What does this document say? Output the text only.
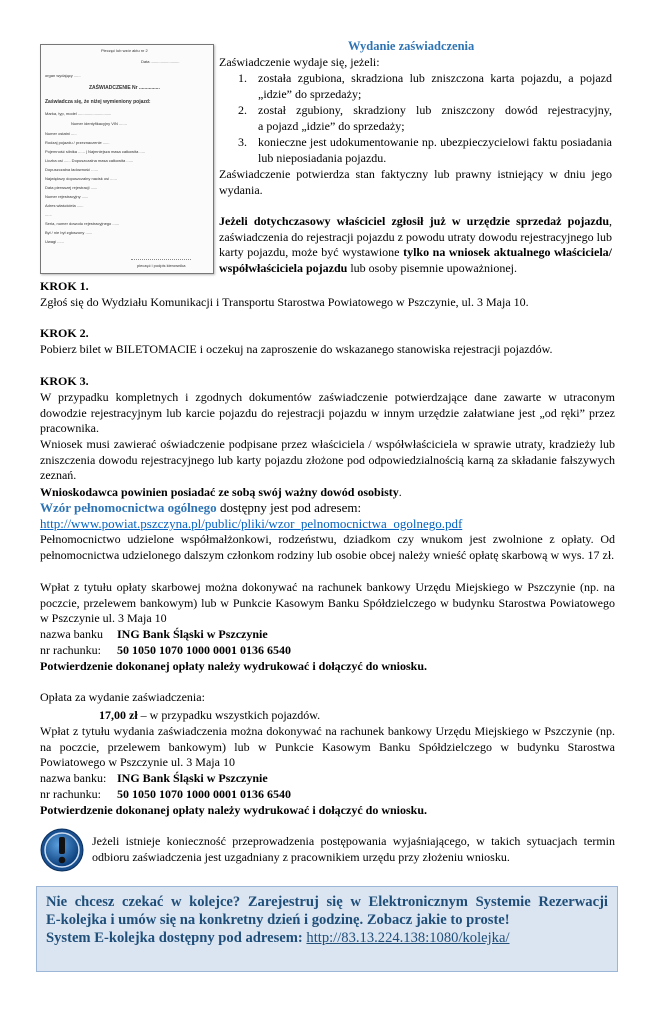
Pieczęć lub wzór aktu nr 2
Data ..........................
organ wydający ......
ZAŚWIADCZENIE Nr ...............
Zaświadcza się, że niżej wymieniony pojazd:
Marka, typ, model ..............................
Numer identyfikacyjny VIN .......
Numer ostatni .....
Rodzaj pojazdu / przeznaczenie ......
Pojemność silnika ...... | Najmniejsza masa całkowita .....
Liczba osi ...... Dopuszczalna masa całkowita ......
Dopuszczalna ładowność ......
Największy dopuszczalny nacisk osi ......
Data pierwszej rejestracji ......
Numer rejestracyjny ......
Adres właściciela ......
......
Seria, numer dowodu rejestracyjnego ......
Był / nie był zgłoszony ......
Uwagi ......
pieczęć i podpis kierownika
Wydanie zaświadczenia
Zaświadczenie wydaje się, jeżeli:
1. została zgubiona, skradziona lub zniszczona karta pojazdu, a pojazd
„idzie” do sprzedaży;
2. został zgubiony, skradziony lub zniszczony dowód rejestracyjny,
a pojazd „idzie” do sprzedaży;
3. konieczne jest udokumentowanie np. ubezpieczycielowi faktu posiadania
lub nieposiadania pojazdu.
Zaświadczenie potwierdza stan faktyczny lub prawny istniejący w dniu jego wydania.
Jeżeli dotychczasowy właściciel zgłosił już w urzędzie sprzedaż pojazdu, zaświadczenia do rejestracji pojazdu z powodu utraty dowodu rejestracyjnego lub karty pojazdu, może być wystawione tylko na wniosek aktualnego właściciela/ współwłaściciela pojazdu lub osoby pisemnie upoważnionej.
KROK 1.
Zgłoś się do Wydziału Komunikacji i Transportu Starostwa Powiatowego w Pszczynie, ul. 3 Maja 10.
KROK 2.
Pobierz bilet w BILETOMACIE i oczekuj na zaproszenie do wskazanego stanowiska rejestracji pojazdów.
KROK 3.
W przypadku kompletnych i zgodnych dokumentów zaświadczenie potwierdzające dane zawarte w utraconym dowodzie rejestracyjnym lub karcie pojazdu do rejestracji pojazdu w innym urzędzie załatwiane jest „od ręki” przez pracownika.
Wniosek musi zawierać oświadczenie podpisane przez właściciela / współwłaściciela w sprawie utraty, kradzieży lub zniszczenia dowodu rejestracyjnego lub karty pojazdu złożone pod odpowiedzialnością karną za składanie fałszywych zeznań.
Wnioskodawca powinien posiadać ze sobą swój ważny dowód osobisty.
Wzór pełnomocnictwa ogólnego dostępny jest pod adresem:
http://www.powiat.pszczyna.pl/public/pliki/wzor_pelnomocnictwa_ogolnego.pdf
Pełnomocnictwo udzielone współmałżonkowi, rodzeństwu, dziadkom czy wnukom jest zwolnione z opłaty. Od pełnomocnictwa udzielonego dalszym członkom rodziny lub osobie obcej należy wnieść opłatę skarbową w wys. 17 zł.
Wpłat z tytułu opłaty skarbowej można dokonywać na rachunek bankowy Urzędu Miejskiego w Pszczynie (np. na poczcie, przelewem bankowym) lub w Punkcie Kasowym Banku Spółdzielczego w budynku Starostwa Powiatowego w Pszczynie ul. 3 Maja 10
nazwa banku ING Bank Śląski w Pszczynie
nr rachunku: 50 1050 1070 1000 0001 0136 6540
Potwierdzenie dokonanej opłaty należy wydrukować i dołączyć do wniosku.
Opłata za wydanie zaświadczenia:
17,00 zł – w przypadku wszystkich pojazdów.
Wpłat z tytułu wydania zaświadczenia można dokonywać na rachunek bankowy Urzędu Miejskiego w Pszczynie (np. na poczcie, przelewem bankowym) lub w Punkcie Kasowym Banku Spółdzielczego w budynku Starostwa Powiatowego w Pszczynie ul. 3 Maja 10
nazwa banku: ING Bank Śląski w Pszczynie
nr rachunku: 50 1050 1070 1000 0001 0136 6540
Potwierdzenie dokonanej opłaty należy wydrukować i dołączyć do wniosku.
Jeżeli istnieje konieczność przeprowadzenia postępowania wyjaśniającego, w takich sytuacjach termin odbioru zaświadczenia jest uzgadniany z pracownikiem urzędu przy złożeniu wniosku.
Nie chcesz czekać w kolejce? Zarejestruj się w Elektronicznym Systemie Rezerwacji
E-kolejka i umów się na konkretny dzień i godzinę. Zobacz jakie to proste!
System E-kolejka dostępny pod adresem: http://83.13.224.138:1080/kolejka/
